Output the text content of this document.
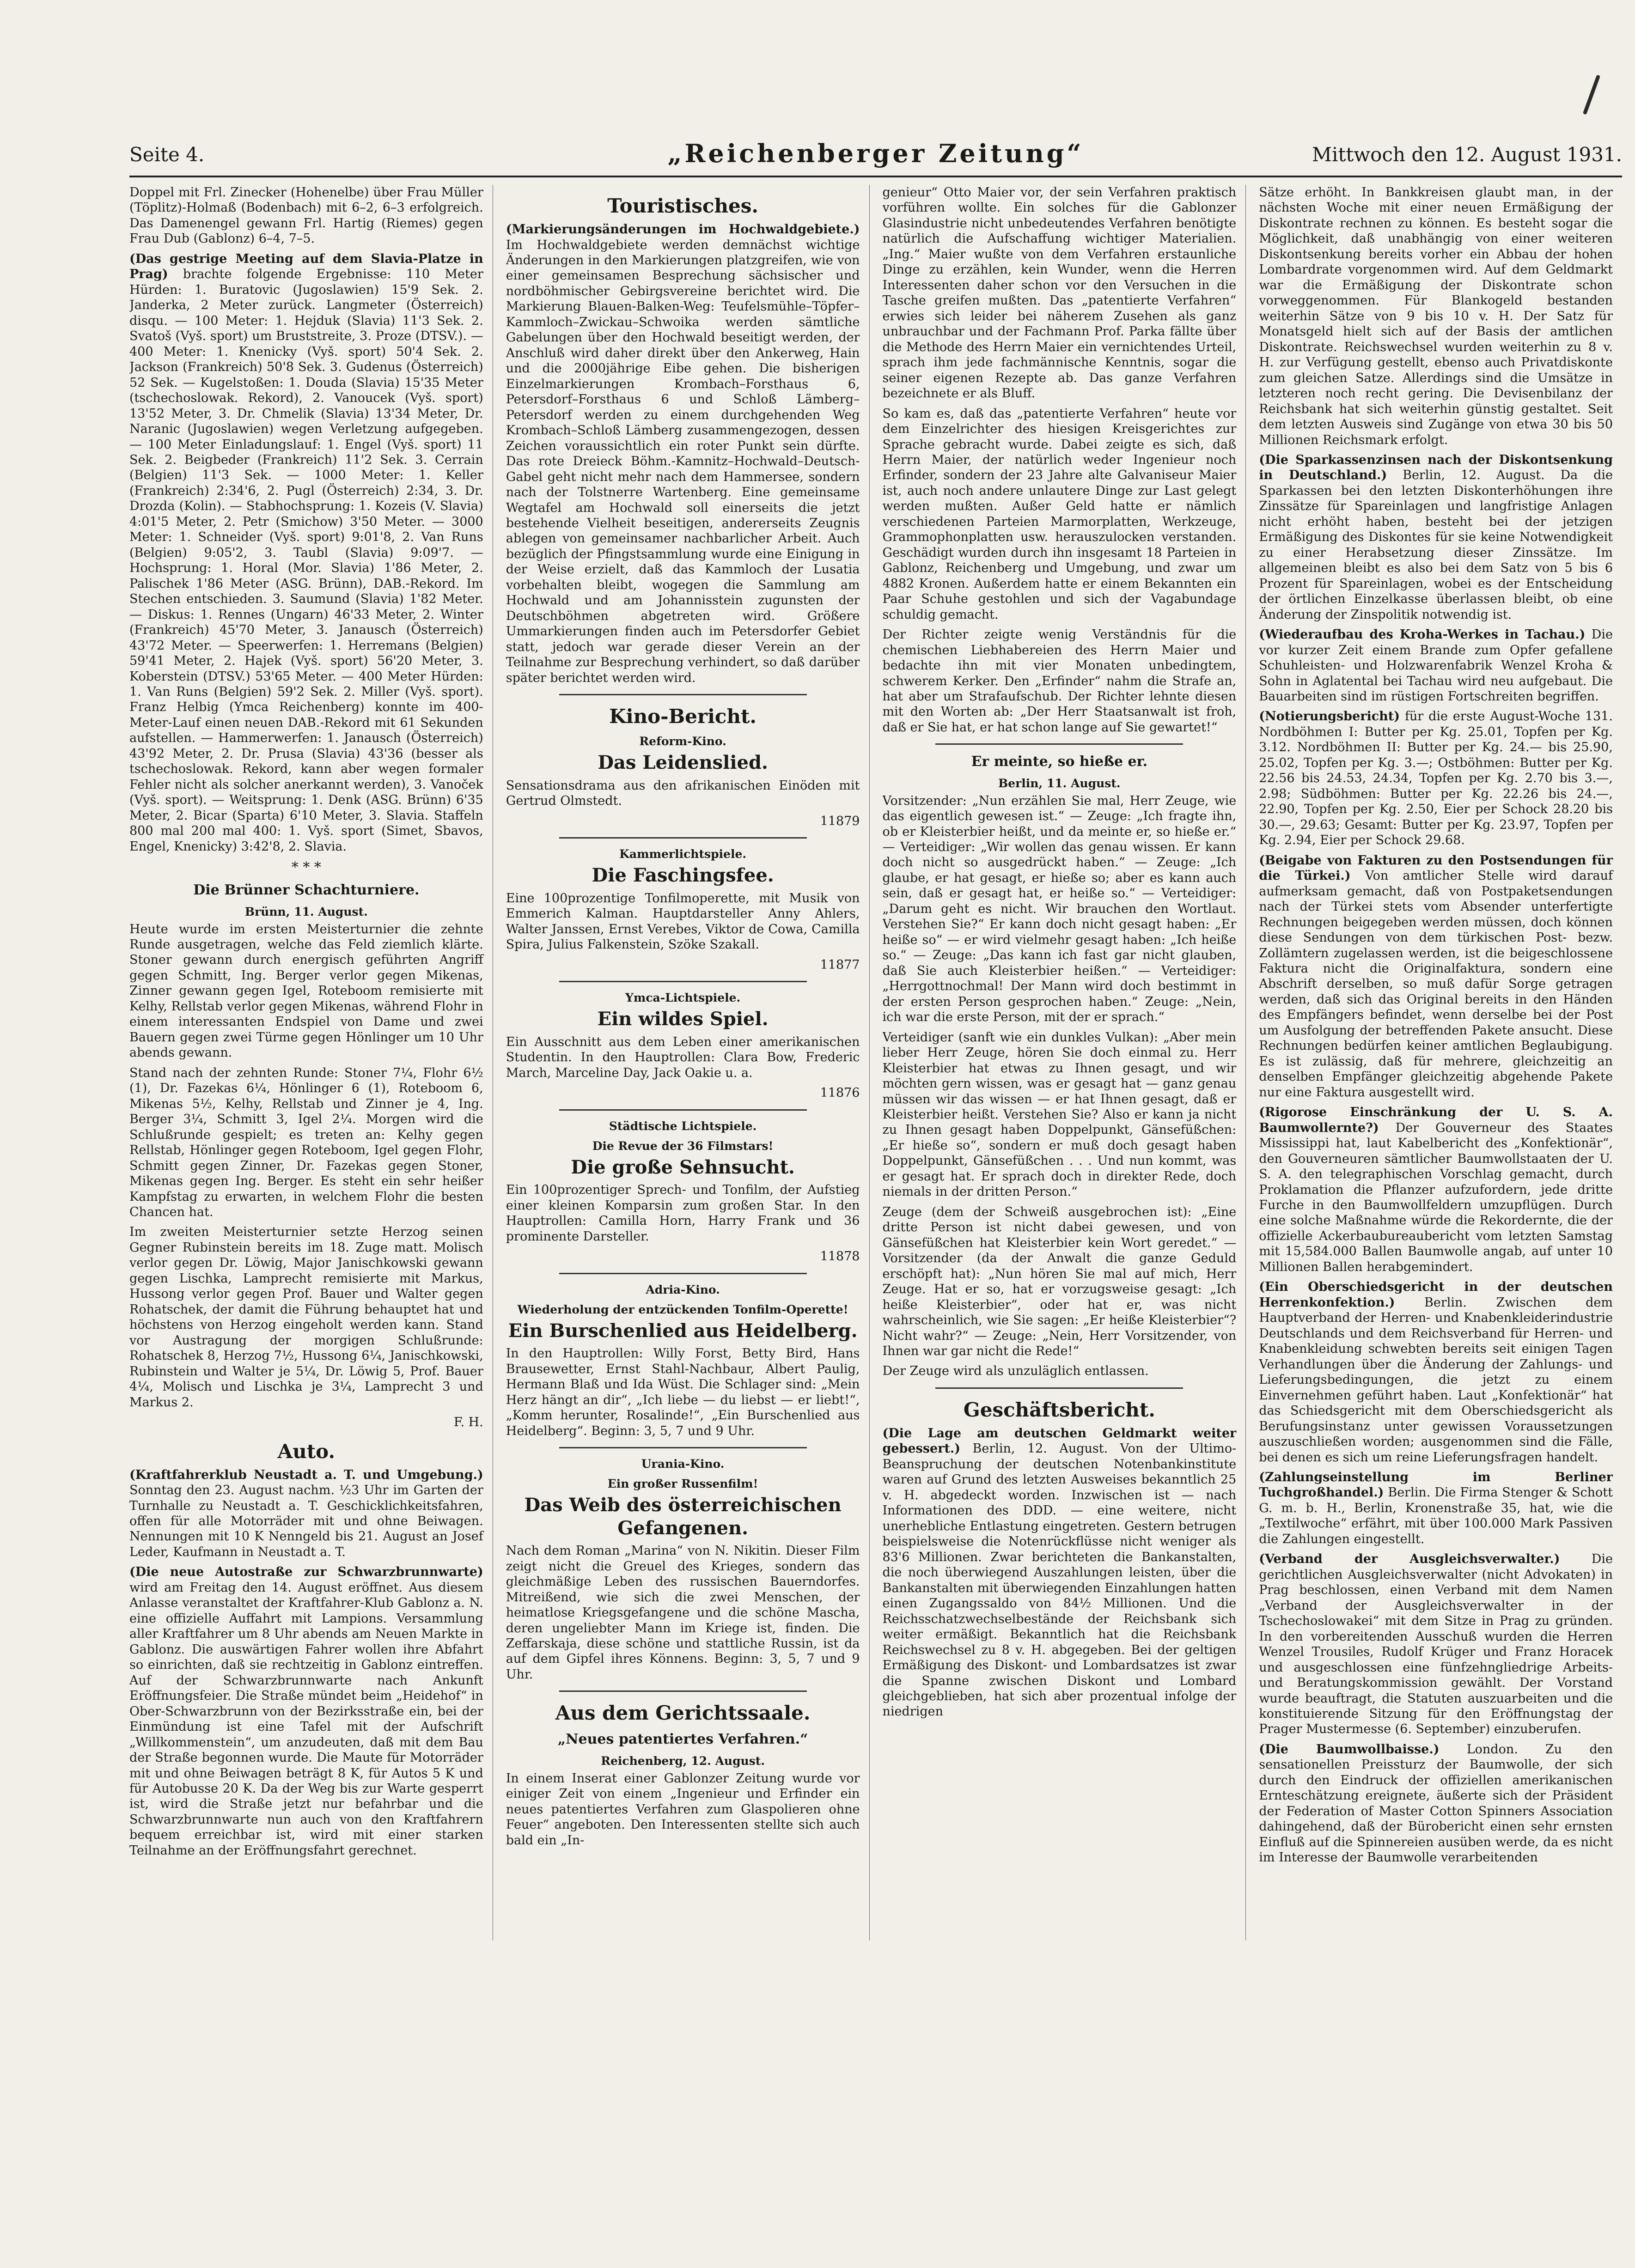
Seite 4.	„Reichenberger Zeitung“	Mittwoch den 12. August 1931.

Doppel mit Frl. Zinecker (Hohenelbe) über Frau Müller (Töplitz)-Holmaß (Bodenbach) mit 6–2, 6–3 erfolgreich. Das Damenengel gewann Frl. Hartig (Riemes) gegen Frau Dub (Gablonz) 6–4, 7–5.

(Das gestrige Meeting auf dem Slavia-Platze in Prag) brachte folgende Ergebnisse: 110 Meter Hürden: 1. Buratovic (Jugoslawien) 15'9 Sek. 2. Janderka, 2 Meter zurück. Langmeter (Österreich) disqu. — 100 Meter: 1. Hejduk (Slavia) 11'3 Sek. 2. Svatoš (Vyš. sport) um Bruststreite, 3. Proze (DTSV.). — 400 Meter: 1. Knenicky (Vyš. sport) 50'4 Sek. 2. Jackson (Frankreich) 50'8 Sek. 3. Gudenus (Österreich) 52 Sek. — Kugelstoßen: 1. Douda (Slavia) 15'35 Meter (tschechoslowak. Rekord), 2. Vanoucek (Vyš. sport) 13'52 Meter, 3. Dr. Chmelik (Slavia) 13'34 Meter, Dr. Naranic (Jugoslawien) wegen Verletzung aufgegeben. — 100 Meter Einladungslauf: 1. Engel (Vyš. sport) 11 Sek. 2. Beigbeder (Frankreich) 11'2 Sek. 3. Cerrain (Belgien) 11'3 Sek. — 1000 Meter: 1. Keller (Frankreich) 2:34'6, 2. Pugl (Österreich) 2:34, 3. Dr. Drozda (Kolin). — Stabhochsprung: 1. Kozeis (V. Slavia) 4:01'5 Meter, 2. Petr (Smichow) 3'50 Meter. — 3000 Meter: 1. Schneider (Vyš. sport) 9:01'8, 2. Van Runs (Belgien) 9:05'2, 3. Taubl (Slavia) 9:09'7. — Hochsprung: 1. Horal (Mor. Slavia) 1'86 Meter, 2. Palischek 1'86 Meter (ASG. Brünn), DAB.-Rekord. Im Stechen entschieden. 3. Saumund (Slavia) 1'82 Meter. — Diskus: 1. Rennes (Ungarn) 46'33 Meter, 2. Winter (Frankreich) 45'70 Meter, 3. Janausch (Österreich) 43'72 Meter. — Speerwerfen: 1. Herremans (Belgien) 59'41 Meter, 2. Hajek (Vyš. sport) 56'20 Meter, 3. Koberstein (DTSV.) 53'65 Meter. — 400 Meter Hürden: 1. Van Runs (Belgien) 59'2 Sek. 2. Miller (Vyš. sport). Franz Helbig (Ymca Reichenberg) konnte im 400-Meter-Lauf einen neuen DAB.-Rekord mit 61 Sekunden aufstellen. — Hammerwerfen: 1. Janausch (Österreich) 43'92 Meter, 2. Dr. Prusa (Slavia) 43'36 (besser als tschechoslowak. Rekord, kann aber wegen formaler Fehler nicht als solcher anerkannt werden), 3. Vanoček (Vyš. sport). — Weitsprung: 1. Denk (ASG. Brünn) 6'35 Meter, 2. Bicar (Sparta) 6'10 Meter, 3. Slavia. Staffeln 800 mal 200 mal 400: 1. Vyš. sport (Simet, Sbavos, Engel, Knenicky) 3:42'8, 2. Slavia.

* * *
Die Brünner Schachturniere.
Brünn, 11. August.

Heute wurde im ersten Meisterturnier die zehnte Runde ausgetragen, welche das Feld ziemlich klärte. Stoner gewann durch energisch geführten Angriff gegen Schmitt, Ing. Berger verlor gegen Mikenas, Zinner gewann gegen Igel, Roteboom remisierte mit Kelhy, Rellstab verlor gegen Mikenas, während Flohr in einem interessanten Endspiel von Dame und zwei Bauern gegen zwei Türme gegen Hönlinger um 10 Uhr abends gewann.

Stand nach der zehnten Runde: Stoner 7¼, Flohr 6½ (1), Dr. Fazekas 6¼, Hönlinger 6 (1), Roteboom 6, Mikenas 5½, Kelhy, Rellstab und Zinner je 4, Ing. Berger 3¼, Schmitt 3, Igel 2¼. Morgen wird die Schlußrunde gespielt; es treten an: Kelhy gegen Rellstab, Hönlinger gegen Roteboom, Igel gegen Flohr, Schmitt gegen Zinner, Dr. Fazekas gegen Stoner, Mikenas gegen Ing. Berger. Es steht ein sehr heißer Kampfstag zu erwarten, in welchem Flohr die besten Chancen hat.

Im zweiten Meisterturnier setzte Herzog seinen Gegner Rubinstein bereits im 18. Zuge matt. Molisch verlor gegen Dr. Löwig, Major Janischkowski gewann gegen Lischka, Lamprecht remisierte mit Markus, Hussong verlor gegen Prof. Bauer und Walter gegen Rohatschek, der damit die Führung behauptet hat und höchstens von Herzog eingeholt werden kann. Stand vor Austragung der morgigen Schlußrunde: Rohatschek 8, Herzog 7½, Hussong 6¼, Janischkowski, Rubinstein und Walter je 5¼, Dr. Löwig 5, Prof. Bauer 4¼, Molisch und Lischka je 3¼, Lamprecht 3 und Markus 2.

F. H.
Auto.

(Kraftfahrerklub Neustadt a. T. und Umgebung.) Sonntag den 23. August nachm. ½3 Uhr im Garten der Turnhalle zu Neustadt a. T. Geschicklichkeitsfahren, offen für alle Motorräder mit und ohne Beiwagen. Nennungen mit 10 K Nenngeld bis 21. August an Josef Leder, Kaufmann in Neustadt a. T.

(Die neue Autostraße zur Schwarzbrunnwarte) wird am Freitag den 14. August eröffnet. Aus diesem Anlasse veranstaltet der Kraftfahrer-Klub Gablonz a. N. eine offizielle Auffahrt mit Lampions. Versammlung aller Kraftfahrer um 8 Uhr abends am Neuen Markte in Gablonz. Die auswärtigen Fahrer wollen ihre Abfahrt so einrichten, daß sie rechtzeitig in Gablonz eintreffen. Auf der Schwarzbrunnwarte nach Ankunft Eröffnungsfeier. Die Straße mündet beim „Heidehof“ in Ober-Schwarzbrunn von der Bezirksstraße ein, bei der Einmündung ist eine Tafel mit der Aufschrift „Willkommenstein“, um anzudeuten, daß mit dem Bau der Straße begonnen wurde. Die Maute für Motorräder mit und ohne Beiwagen beträgt 8 K, für Autos 5 K und für Autobusse 20 K. Da der Weg bis zur Warte gesperrt ist, wird die Straße jetzt nur befahrbar und die Schwarzbrunnwarte nun auch von den Kraftfahrern bequem erreichbar ist, wird mit einer starken Teilnahme an der Eröffnungsfahrt gerechnet.

Touristisches.

(Markierungsänderungen im Hochwaldgebiete.) Im Hochwaldgebiete werden demnächst wichtige Änderungen in den Markierungen platzgreifen, wie von einer gemeinsamen Besprechung sächsischer und nordböhmischer Gebirgsvereine berichtet wird. Die Markierung Blauen-Balken-Weg: Teufelsmühle–Töpfer–Kammloch–Zwickau–Schwoika werden sämtliche Gabelungen über den Hochwald beseitigt werden, der Anschluß wird daher direkt über den Ankerweg, Hain und die 2000jährige Eibe gehen. Die bisherigen Einzelmarkierungen Krombach–Forsthaus 6, Petersdorf–Forsthaus 6 und Schloß Lämberg–Petersdorf werden zu einem durchgehenden Weg Krombach–Schloß Lämberg zusammengezogen, dessen Zeichen voraussichtlich ein roter Punkt sein dürfte. Das rote Dreieck Böhm.-Kamnitz–Hochwald–Deutsch-Gabel geht nicht mehr nach dem Hammersee, sondern nach der Tolstnerre Wartenberg. Eine gemeinsame Wegtafel am Hochwald soll einerseits die jetzt bestehende Vielheit beseitigen, andererseits Zeugnis ablegen von gemeinsamer nachbarlicher Arbeit. Auch bezüglich der Pfingstsammlung wurde eine Einigung in der Weise erzielt, daß das Kammloch der Lusatia vorbehalten bleibt, wogegen die Sammlung am Hochwald und am Johannisstein zugunsten der Deutschböhmen abgetreten wird. Größere Ummarkierungen finden auch im Petersdorfer Gebiet statt, jedoch war gerade dieser Verein an der Teilnahme zur Besprechung verhindert, so daß darüber später berichtet werden wird.

Kino-Bericht.
Reform-Kino.
Das Leidenslied.

Sensationsdrama aus den afrikanischen Einöden mit Gertrud Olmstedt.

11879
Kammerlichtspiele.
Die Faschingsfee.

Eine 100prozentige Tonfilmoperette, mit Musik von Emmerich Kalman. Hauptdarsteller Anny Ahlers, Walter Janssen, Ernst Verebes, Viktor de Cowa, Camilla Spira, Julius Falkenstein, Szöke Szakall.

11877
Ymca-Lichtspiele.
Ein wildes Spiel.

Ein Ausschnitt aus dem Leben einer amerikanischen Studentin. In den Hauptrollen: Clara Bow, Frederic March, Marceline Day, Jack Oakie u. a.

11876
Städtische Lichtspiele.
Die Revue der 36 Filmstars!
Die große Sehnsucht.

Ein 100prozentiger Sprech- und Tonfilm, der Aufstieg einer kleinen Komparsin zum großen Star. In den Hauptrollen: Camilla Horn, Harry Frank und 36 prominente Darsteller.

11878
Adria-Kino.
Wiederholung der entzückenden Tonfilm-Operette!
Ein Burschenlied aus Heidelberg.

In den Hauptrollen: Willy Forst, Betty Bird, Hans Brausewetter, Ernst Stahl-Nachbaur, Albert Paulig, Hermann Blaß und Ida Wüst. Die Schlager sind: „Mein Herz hängt an dir“, „Ich liebe — du liebst — er liebt!“, „Komm herunter, Rosalinde!“, „Ein Burschenlied aus Heidelberg“. Beginn: 3, 5, 7 und 9 Uhr.

Urania-Kino.
Ein großer Russenfilm!
Das Weib des österreichischen Gefangenen.

Nach dem Roman „Marina“ von N. Nikitin. Dieser Film zeigt nicht die Greuel des Krieges, sondern das gleichmäßige Leben des russischen Bauerndorfes. Mitreißend, wie sich die zwei Menschen, der heimatlose Kriegsgefangene und die schöne Mascha, deren ungeliebter Mann im Kriege ist, finden. Die Zeffarskaja, diese schöne und stattliche Russin, ist da auf dem Gipfel ihres Könnens. Beginn: 3, 5, 7 und 9 Uhr.

Aus dem Gerichtssaale.
„Neues patentiertes Verfahren.“
Reichenberg, 12. August.

In einem Inserat einer Gablonzer Zeitung wurde vor einiger Zeit von einem „Ingenieur und Erfinder ein neues patentiertes Verfahren zum Glaspolieren ohne Feuer“ angeboten. Den Interessenten stellte sich auch bald ein „In-

genieur“ Otto Maier vor, der sein Verfahren praktisch vorführen wollte. Ein solches für die Gablonzer Glasindustrie nicht unbedeutendes Verfahren benötigte natürlich die Aufschaffung wichtiger Materialien. „Ing.“ Maier wußte von dem Verfahren erstaunliche Dinge zu erzählen, kein Wunder, wenn die Herren Interessenten daher schon vor den Versuchen in die Tasche greifen mußten. Das „patentierte Verfahren“ erwies sich leider bei näherem Zusehen als ganz unbrauchbar und der Fachmann Prof. Parka fällte über die Methode des Herrn Maier ein vernichtendes Urteil, sprach ihm jede fachmännische Kenntnis, sogar die seiner eigenen Rezepte ab. Das ganze Verfahren bezeichnete er als Bluff.

So kam es, daß das „patentierte Verfahren“ heute vor dem Einzelrichter des hiesigen Kreisgerichtes zur Sprache gebracht wurde. Dabei zeigte es sich, daß Herrn Maier, der natürlich weder Ingenieur noch Erfinder, sondern der 23 Jahre alte Galvaniseur Maier ist, auch noch andere unlautere Dinge zur Last gelegt werden mußten. Außer Geld hatte er nämlich verschiedenen Parteien Marmorplatten, Werkzeuge, Grammophonplatten usw. herauszulocken verstanden. Geschädigt wurden durch ihn insgesamt 18 Parteien in Gablonz, Reichenberg und Umgebung, und zwar um 4882 Kronen. Außerdem hatte er einem Bekannten ein Paar Schuhe gestohlen und sich der Vagabundage schuldig gemacht.

Der Richter zeigte wenig Verständnis für die chemischen Liebhabereien des Herrn Maier und bedachte ihn mit vier Monaten unbedingtem, schwerem Kerker. Den „Erfinder“ nahm die Strafe an, hat aber um Strafaufschub. Der Richter lehnte diesen mit den Worten ab: „Der Herr Staatsanwalt ist froh, daß er Sie hat, er hat schon lange auf Sie gewartet!“

Er meinte, so hieße er.
Berlin, 11. August.

Vorsitzender: „Nun erzählen Sie mal, Herr Zeuge, wie das eigentlich gewesen ist.“ — Zeuge: „Ich fragte ihn, ob er Kleisterbier heißt, und da meinte er, so hieße er.“ — Verteidiger: „Wir wollen das genau wissen. Er kann doch nicht so ausgedrückt haben.“ — Zeuge: „Ich glaube, er hat gesagt, er hieße so; aber es kann auch sein, daß er gesagt hat, er heiße so.“ — Verteidiger: „Darum geht es nicht. Wir brauchen den Wortlaut. Verstehen Sie?“ Er kann doch nicht gesagt haben: „Er heiße so“ — er wird vielmehr gesagt haben: „Ich heiße so.“ — Zeuge: „Das kann ich fast gar nicht glauben, daß Sie auch Kleisterbier heißen.“ — Verteidiger: „Herrgottnochmal! Der Mann wird doch bestimmt in der ersten Person gesprochen haben.“ Zeuge: „Nein, ich war die erste Person, mit der er sprach.“

Verteidiger (sanft wie ein dunkles Vulkan): „Aber mein lieber Herr Zeuge, hören Sie doch einmal zu. Herr Kleisterbier hat etwas zu Ihnen gesagt, und wir möchten gern wissen, was er gesagt hat — ganz genau müssen wir das wissen — er hat Ihnen gesagt, daß er Kleisterbier heißt. Verstehen Sie? Also er kann ja nicht zu Ihnen gesagt haben Doppelpunkt, Gänsefüßchen: „Er hieße so“, sondern er muß doch gesagt haben Doppelpunkt, Gänsefüßchen . . . Und nun kommt, was er gesagt hat. Er sprach doch in direkter Rede, doch niemals in der dritten Person.“

Zeuge (dem der Schweiß ausgebrochen ist): „Eine dritte Person ist nicht dabei gewesen, und von Gänsefüßchen hat Kleisterbier kein Wort geredet.“ — Vorsitzender (da der Anwalt die ganze Geduld erschöpft hat): „Nun hören Sie mal auf mich, Herr Zeuge. Hat er so, hat er vorzugsweise gesagt: „Ich heiße Kleisterbier“, oder hat er, was nicht wahrscheinlich, wie Sie sagen: „Er heiße Kleisterbier“? Nicht wahr?“ — Zeuge: „Nein, Herr Vorsitzender, von Ihnen war gar nicht die Rede!“

Der Zeuge wird als unzuläglich entlassen.

Geschäftsbericht.

(Die Lage am deutschen Geldmarkt weiter gebessert.) Berlin, 12. August. Von der Ultimo-Beanspruchung der deutschen Notenbankinstitute waren auf Grund des letzten Ausweises bekanntlich 25 v. H. abgedeckt worden. Inzwischen ist — nach Informationen des DDD. — eine weitere, nicht unerhebliche Entlastung eingetreten. Gestern betrugen beispielsweise die Notenrückflüsse nicht weniger als 83'6 Millionen. Zwar berichteten die Bankanstalten, die noch überwiegend Auszahlungen leisten, über die Bankanstalten mit überwiegenden Einzahlungen hatten einen Zugangssaldo von 84½ Millionen. Und die Reichsschatzwechselbestände der Reichsbank sich weiter ermäßigt. Bekanntlich hat die Reichsbank Reichswechsel zu 8 v. H. abgegeben. Bei der geltigen Ermäßigung des Diskont- und Lombardsatzes ist zwar die Spanne zwischen Diskont und Lombard gleichgeblieben, hat sich aber prozentual infolge der niedrigen

Sätze erhöht. In Bankkreisen glaubt man, in der nächsten Woche mit einer neuen Ermäßigung der Diskontrate rechnen zu können. Es besteht sogar die Möglichkeit, daß unabhängig von einer weiteren Diskontsenkung bereits vorher ein Abbau der hohen Lombardrate vorgenommen wird. Auf dem Geldmarkt war die Ermäßigung der Diskontrate schon vorweggenommen. Für Blankogeld bestanden weiterhin Sätze von 9 bis 10 v. H. Der Satz für Monatsgeld hielt sich auf der Basis der amtlichen Diskontrate. Reichswechsel wurden weiterhin zu 8 v. H. zur Verfügung gestellt, ebenso auch Privatdiskonte zum gleichen Satze. Allerdings sind die Umsätze in letzteren noch recht gering. Die Devisenbilanz der Reichsbank hat sich weiterhin günstig gestaltet. Seit dem letzten Ausweis sind Zugänge von etwa 30 bis 50 Millionen Reichsmark erfolgt.

(Die Sparkassenzinsen nach der Diskontsenkung in Deutschland.) Berlin, 12. August. Da die Sparkassen bei den letzten Diskonterhöhungen ihre Zinssätze für Spareinlagen und langfristige Anlagen nicht erhöht haben, besteht bei der jetzigen Ermäßigung des Diskontes für sie keine Notwendigkeit zu einer Herabsetzung dieser Zinssätze. Im allgemeinen bleibt es also bei dem Satz von 5 bis 6 Prozent für Spareinlagen, wobei es der Entscheidung der örtlichen Einzelkasse überlassen bleibt, ob eine Änderung der Zinspolitik notwendig ist.

(Wiederaufbau des Kroha-Werkes in Tachau.) Die vor kurzer Zeit einem Brande zum Opfer gefallene Schuhleisten- und Holzwarenfabrik Wenzel Kroha & Sohn in Aglatental bei Tachau wird neu aufgebaut. Die Bauarbeiten sind im rüstigen Fortschreiten begriffen.

(Notierungsbericht) für die erste August-Woche 131. Nordböhmen I: Butter per Kg. 25.01, Topfen per Kg. 3.12. Nordböhmen II: Butter per Kg. 24.— bis 25.90, 25.02, Topfen per Kg. 3.—; Ostböhmen: Butter per Kg. 22.56 bis 24.53, 24.34, Topfen per Kg. 2.70 bis 3.—, 2.98; Südböhmen: Butter per Kg. 22.26 bis 24.—, 22.90, Topfen per Kg. 2.50, Eier per Schock 28.20 bis 30.—, 29.63; Gesamt: Butter per Kg. 23.97, Topfen per Kg. 2.94, Eier per Schock 29.68.

(Beigabe von Fakturen zu den Postsendungen für die Türkei.) Von amtlicher Stelle wird darauf aufmerksam gemacht, daß von Postpaketsendungen nach der Türkei stets vom Absender unterfertigte Rechnungen beigegeben werden müssen, doch können diese Sendungen von dem türkischen Post- bezw. Zollämtern zugelassen werden, ist die beigeschlossene Faktura nicht die Originalfaktura, sondern eine Abschrift derselben, so muß dafür Sorge getragen werden, daß sich das Original bereits in den Händen des Empfängers befindet, wenn derselbe bei der Post um Ausfolgung der betreffenden Pakete ansucht. Diese Rechnungen bedürfen keiner amtlichen Beglaubigung. Es ist zulässig, daß für mehrere, gleichzeitig an denselben Empfänger gleichzeitig abgehende Pakete nur eine Faktura ausgestellt wird.

(Rigorose Einschränkung der U. S. A. Baumwollernte?) Der Gouverneur des Staates Mississippi hat, laut Kabelbericht des „Konfektionär“, den Gouverneuren sämtlicher Baumwollstaaten der U. S. A. den telegraphischen Vorschlag gemacht, durch Proklamation die Pflanzer aufzufordern, jede dritte Furche in den Baumwollfeldern umzupflügen. Durch eine solche Maßnahme würde die Rekordernte, die der offizielle Ackerbaubureaubericht vom letzten Samstag mit 15,584.000 Ballen Baumwolle angab, auf unter 10 Millionen Ballen herabgemindert.

(Ein Oberschiedsgericht in der deutschen Herrenkonfektion.) Berlin. Zwischen dem Hauptverband der Herren- und Knabenkleiderindustrie Deutschlands und dem Reichsverband für Herren- und Knabenkleidung schwebten bereits seit einigen Tagen Verhandlungen über die Änderung der Zahlungs- und Lieferungsbedingungen, die jetzt zu einem Einvernehmen geführt haben. Laut „Konfektionär“ hat das Schiedsgericht mit dem Oberschiedsgericht als Berufungsinstanz unter gewissen Voraussetzungen auszuschließen worden; ausgenommen sind die Fälle, bei denen es sich um reine Lieferungsfragen handelt.

(Zahlungseinstellung im Berliner Tuchgroßhandel.) Berlin. Die Firma Stenger & Schott G. m. b. H., Berlin, Kronenstraße 35, hat, wie die „Textilwoche“ erfährt, mit über 100.000 Mark Passiven die Zahlungen eingestellt.

(Verband der Ausgleichsverwalter.)	Die gerichtlichen Ausgleichsverwalter (nicht Advokaten) in Prag beschlossen, einen Verband mit dem Namen „Verband der Ausgleichsverwalter in der Tschechoslowakei“ mit dem Sitze in Prag zu gründen. In den vorbereitenden Ausschuß wurden die Herren Wenzel Trousiles, Rudolf Krüger und Franz Horacek und ausgeschlossen eine fünfzehngliedrige Arbeits- und Beratungskommission gewählt. Der Vorstand wurde beauftragt, die Statuten auszuarbeiten und die konstituierende Sitzung für den Eröffnungstag der Prager Mustermesse (6. September) einzuberufen.

(Die Baumwollbaisse.) London. Zu den sensationellen Preissturz der Baumwolle, der sich durch den Eindruck der offiziellen amerikanischen Ernteschätzung ereignete, äußerte sich der Präsident der Federation of Master Cotton Spinners Association dahingehend, daß der Bürobericht einen sehr ernsten Einfluß auf die Spinnereien ausüben werde, da es nicht im Interesse der Baumwolle verarbeitenden
